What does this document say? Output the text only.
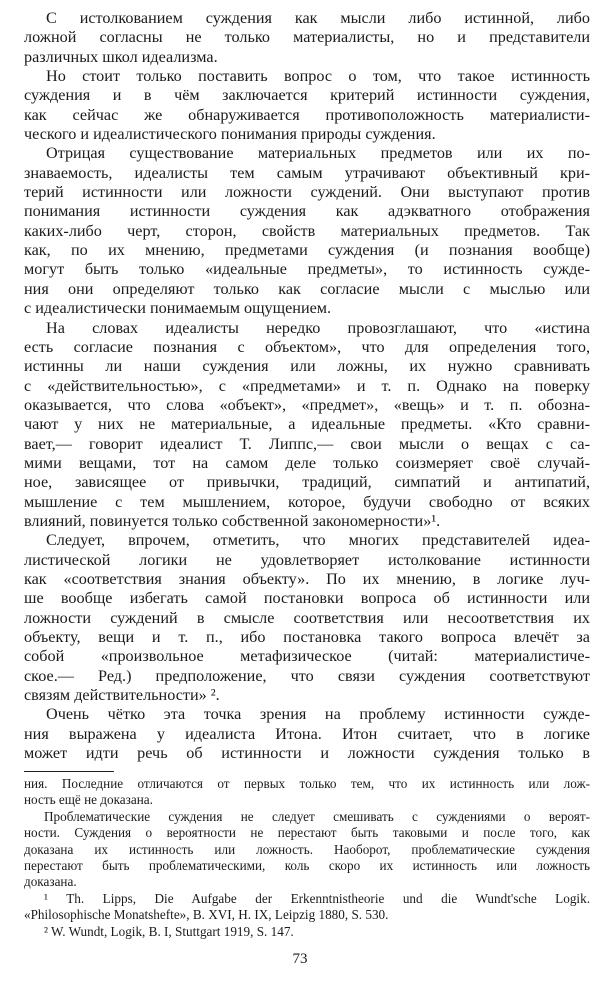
С истолкованием суждения как мысли либо истинной, либо
ложной согласны не только материалисты, но и представители
различных школ идеализма.
Но стоит только поставить вопрос о том, что такое истинность
суждения и в чём заключается критерий истинности суждения,
как сейчас же обнаруживается противоположность материалисти-
ческого и идеалистического понимания природы суждения.
Отрицая существование материальных предметов или их по-
знаваемость, идеалисты тем самым утрачивают объективный кри-
терий истинности или ложности суждений. Они выступают против
понимания истинности суждения как адэкватного отображения
каких-либо черт, сторон, свойств материальных предметов. Так
как, по их мнению, предметами суждения (и познания вообще)
могут быть только «идеальные предметы», то истинность сужде-
ния они определяют только как согласие мысли с мыслью или
с идеалистически понимаемым ощущением.
На словах идеалисты нередко провозглашают, что «истина
есть согласие познания с объектом», что для определения того,
истинны ли наши суждения или ложны, их нужно сравнивать
с «действительностью», с «предметами» и т. п. Однако на поверку
оказывается, что слова «объект», «предмет», «вещь» и т. п. обозна-
чают у них не материальные, а идеальные предметы. «Кто сравни-
вает,— говорит идеалист Т. Липпс,— свои мысли о вещах с са-
мими вещами, тот на самом деле только соизмеряет своё случай-
ное, зависящее от привычки, традиций, симпатий и антипатий,
мышление с тем мышлением, которое, будучи свободно от всяких
влияний, повинуется только собственной закономерности»¹.
Следует, впрочем, отметить, что многих представителей идеа-
листической логики не удовлетворяет истолкование истинности
как «соответствия знания объекту». По их мнению, в логике луч-
ше вообще избегать самой постановки вопроса об истинности или
ложности суждений в смысле соответствия или несоответствия их
объекту, вещи и т. п., ибо постановка такого вопроса влечёт за
собой «произвольное метафизическое (читай: материалистиче-
ское.— Ред.) предположение, что связи суждения соответствуют
связям действительности» ².
Очень чётко эта точка зрения на проблему истинности сужде-
ния выражена у идеалиста Итона. Итон считает, что в логике
может идти речь об истинности и ложности суждения только в
ния. Последние отличаются от первых только тем, что их истинность или лож-
ность ещё не доказана.
Проблематические суждения не следует смешивать с суждениями о вероят-
ности. Суждения о вероятности не перестают быть таковыми и после того, как
доказана их истинность или ложность. Наоборот, проблематические суждения
перестают быть проблематическими, коль скоро их истинность или ложность
доказана.
¹ Th. Lipps, Die Aufgabe der Erkenntnistheorie und die Wundt'sche Logik.
«Philosophische Monatshefte», B. XVI, H. IX, Leipzig 1880, S. 530.
² W. Wundt, Logik, B. I, Stuttgart 1919, S. 147.
73
